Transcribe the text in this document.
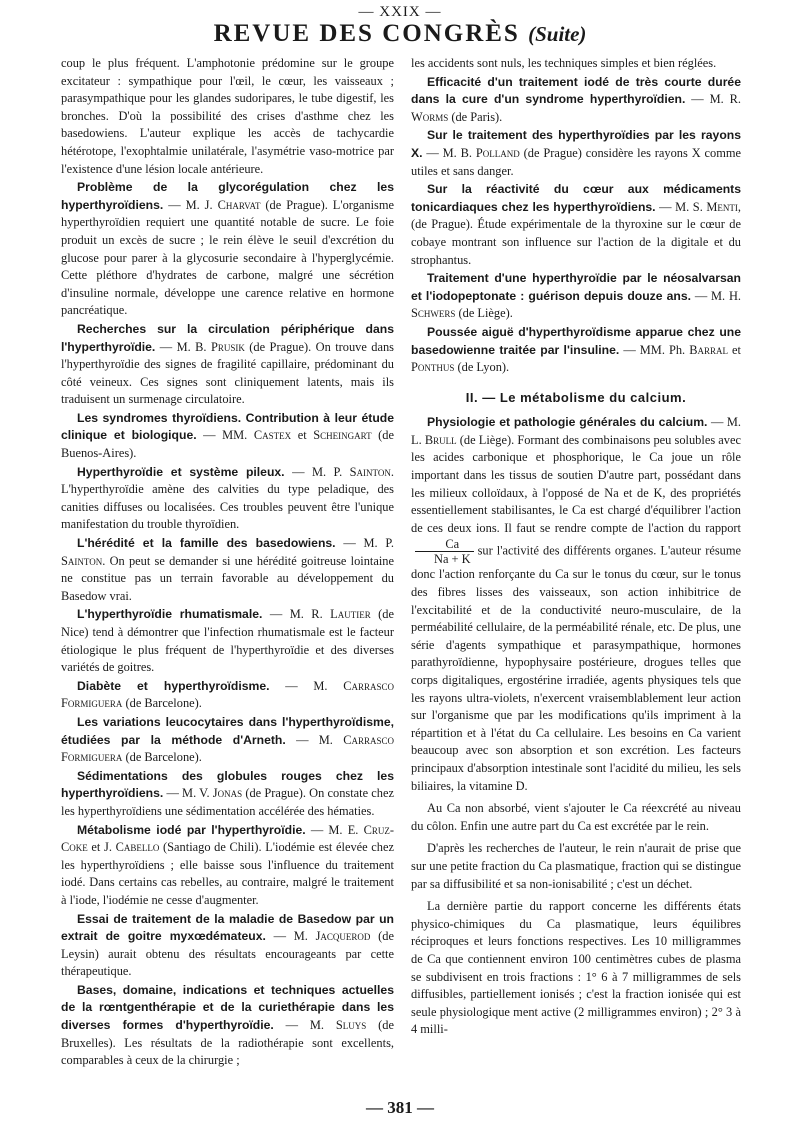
— XXIX —
REVUE DES CONGRÈS (Suite)

coup le plus fréquent. L'amphotonie prédomine sur le groupe excitateur : sympathique pour l'œil, le cœur, les vaisseaux ; parasympathique pour les glandes sudoripares, le tube digestif, les bronches. D'où la possibilité des crises d'asthme chez les basedowiens. L'auteur explique les accès de tachycardie hétérotope, l'exophtalmie unilatérale, l'asymétrie vaso-motrice par l'existence d'une lésion locale antérieure.

Problème de la glycorégulation chez les hyperthyroïdiens. — M. J. Charvat (de Prague). L'organisme hyperthyroïdien requiert une quantité notable de sucre. Le foie produit un excès de sucre ; le rein élève le seuil d'excrétion du glucose pour parer à la glycosurie secondaire à l'hyperglycémie. Cette pléthore d'hydrates de carbone, malgré une sécrétion d'insuline normale, développe une carence relative en hormone pancréatique.

Recherches sur la circulation périphérique dans l'hyperthyroïdie. — M. B. Prusik (de Prague). On trouve dans l'hyperthyroïdie des signes de fragilité capillaire, prédominant du côté veineux. Ces signes sont cliniquement latents, mais ils traduisent un surmenage circulatoire.

Les syndromes thyroïdiens. Contribution à leur étude clinique et biologique. — MM. Castex et Scheingart (de Buenos-Aires).

Hyperthyroïdie et système pileux. — M. P. Sainton. L'hyperthyroïdie amène des calvities du type peladique, des canities diffuses ou localisées. Ces troubles peuvent être l'unique manifestation du trouble thyroïdien.

L'hérédité et la famille des basedowiens. — M. P. Sainton. On peut se demander si une hérédité goitreuse lointaine ne constitue pas un terrain favorable au développement du Basedow vrai.

L'hyperthyroïdie rhumatismale. — M. R. Lautier (de Nice) tend à démontrer que l'infection rhumatismale est le facteur étiologique le plus fréquent de l'hyperthyroïdie et des diverses variétés de goitres.

Diabète et hyperthyroïdisme. — M. Carrasco Formiguera (de Barcelone).

Les variations leucocytaires dans l'hyperthyroïdisme, étudiées par la méthode d'Arneth. — M. Carrasco Formiguera (de Barcelone).

Sédimentations des globules rouges chez les hyperthyroïdiens. — M. V. Jonas (de Prague). On constate chez les hyperthyroïdiens une sédimentation accélérée des hématies.

Métabolisme iodé par l'hyperthyroïdie. — M. E. Cruz-Coke et J. Cabello (Santiago de Chili). L'iodémie est élevée chez les hyperthyroïdiens ; elle baisse sous l'influence du traitement iodé. Dans certains cas rebelles, au contraire, malgré le traitement à l'iode, l'iodémie ne cesse d'augmenter.

Essai de traitement de la maladie de Basedow par un extrait de goitre myxœdémateux. — M. Jacquerod (de Leysin) aurait obtenu des résultats encourageants par cette thérapeutique.

Bases, domaine, indications et techniques actuelles de la rœntgenthérapie et de la curiethérapie dans les diverses formes d'hyperthyroïdie. — M. Sluys (de Bruxelles). Les résultats de la radiothérapie sont excellents, comparables à ceux de la chirurgie ;

les accidents sont nuls, les techniques simples et bien réglées.

Efficacité d'un traitement iodé de très courte durée dans la cure d'un syndrome hyperthyroïdien. — M. R. Worms (de Paris).

Sur le traitement des hyperthyroïdies par les rayons X. — M. B. Polland (de Prague) considère les rayons X comme utiles et sans danger.

Sur la réactivité du cœur aux médicaments tonicardiaques chez les hyperthyroïdiens. — M. S. Menti, (de Prague). Étude expérimentale de la thyroxine sur le cœur de cobaye montrant son influence sur l'action de la digitale et du strophantus.

Traitement d'une hyperthyroïdie par le néosalvarsan et l'iodopeptonate : guérison depuis douze ans. — M. H. Schwers (de Liège).

Poussée aiguë d'hyperthyroïdisme apparue chez une basedowienne traitée par l'insuline. — MM. Ph. Barral et Ponthus (de Lyon).

II. — Le métabolisme du calcium.

Physiologie et pathologie générales du calcium. — M. L. Brull (de Liège). Formant des combinaisons peu solubles avec les acides carbonique et phosphorique, le Ca joue un rôle important dans les tissus de soutien D'autre part, possédant dans les milieux colloïdaux, à l'opposé de Na et de K, des propriétés essentiellement stabilisantes, le Ca est chargé d'équilibrer l'action de ces deux ions. Il faut se rendre compte de l'action du rapport
$\frac{Ca}{Na + K}$ sur l'activité des différents organes. L'auteur résume donc l'action renforçante du Ca sur le tonus du cœur, sur le tonus des fibres lisses des vaisseaux, son action inhibitrice de l'excitabilité et de la conductivité neuro-musculaire, de la perméabilité cellulaire, de la perméabilité rénale, etc. De plus, une série d'agents sympathique et parasympathique, hormones parathyroïdienne, hypophysaire postérieure, drogues telles que corps digitaliques, ergostérine irradiée, agents physiques tels que les rayons ultra-violets, n'exercent vraisemblablement leur action sur l'organisme que par les modifications qu'ils impriment à la répartition et à l'état du Ca cellulaire. Les besoins en Ca varient beaucoup avec son absorption et son excrétion. Les facteurs principaux d'absorption intestinale sont l'acidité du milieu, les sels biliaires, la vitamine D.

Au Ca non absorbé, vient s'ajouter le Ca réexcrété au niveau du côlon. Enfin une autre part du Ca est excrétée par le rein.

D'après les recherches de l'auteur, le rein n'aurait de prise que sur une petite fraction du Ca plasmatique, fraction qui se distingue par sa diffusibilité et sa non-ionisabilité ; c'est un déchet.

La dernière partie du rapport concerne les différents états physico-chimiques du Ca plasmatique, leurs équilibres réciproques et leurs fonctions respectives. Les 10 milligrammes de Ca que contiennent environ 100 centimètres cubes de plasma se subdivisent en trois fractions : 1° 6 à 7 milligrammes de sels diffusibles, partiellement ionisés ; c'est la fraction ionisée qui est seule physiologique ment active (2 milligrammes environ) ; 2° 3 à 4 milli-

— 381 —
